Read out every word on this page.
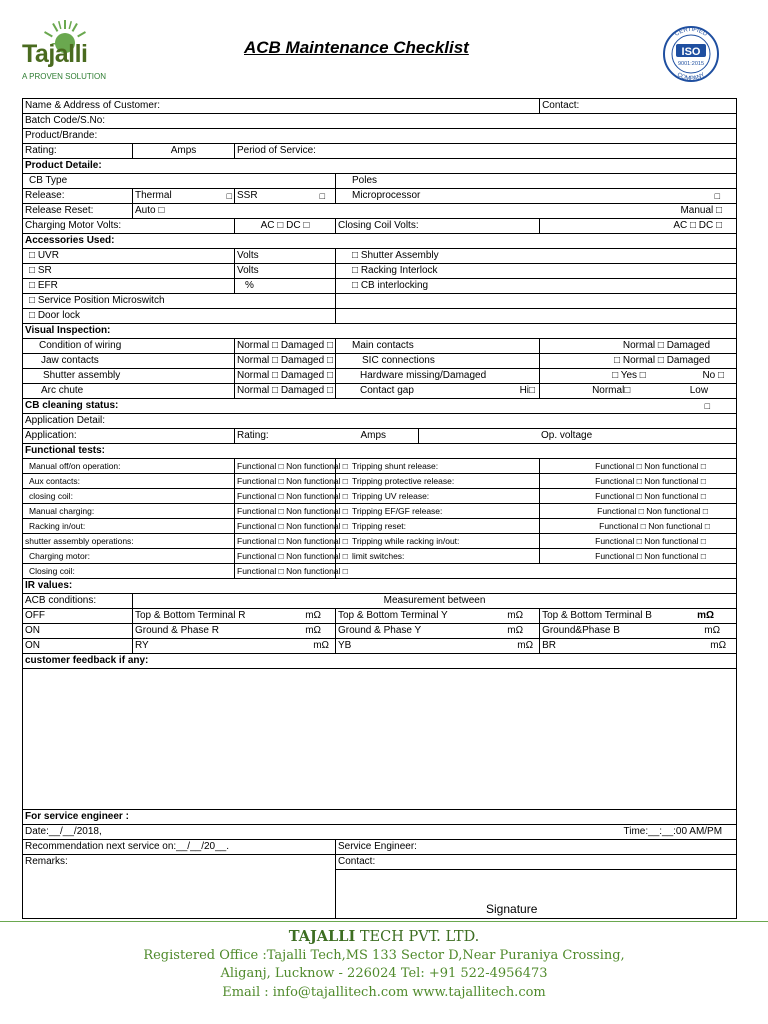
Tajalli
A PROVEN SOLUTION
ACB Maintenance Checklist
CERTIFIED
COMPANY
ISO
9001:2015
Name & Address of Customer:					Contact:
Batch Code/S.No:					
Product/Brande:					
Rating:	Amps	Period of Service:			
Product Detaile:					
CB Type			Poles		
Release:	Thermal □	SSR □	Microprocessor □		

Release Reset:	Auto □ Manual □				

Charging Motor Volts:		AC □ DC □	Closing Coil Volts:		AC □ DC □
Accessories Used:					
□ UVR		Volts	□ Shutter Assembly		
□ SR		Volts	□ Racking Interlock		
□ EFR		%	□ CB interlocking		
□ Service Position Microswitch					
□ Door lock					
Visual Inspection:					
Condition of wiring		Normal □ Damaged □	Main contacts		Normal □ Damaged
Jaw contacts		Normal □ Damaged □	SIC connections		□ Normal □ Damaged
Shutter assembly		Normal □ Damaged □	Hardware missing/Damaged		□ Yes □ No □

Arc chute		Normal □ Damaged □	Contact gap Hi□		Normal□ Low

CB cleaning status: □					

Application Detail:					
Application:		Rating: Amps		Op. voltage	
Functional tests:					
Manual off/on operation:		Functional □ Non functional □	Tripping shunt release:		Functional □ Non functional □
Aux contacts:		Functional □ Non functional □	Tripping protective release:		Functional □ Non functional □
closing coil:		Functional □ Non functional □	Tripping UV release:		Functional □ Non functional □
Manual charging:		Functional □ Non functional □	Tripping EF/GF release:		Functional □ Non functional □
Racking in/out:		Functional □ Non functional □	Tripping reset:		Functional □ Non functional □
shutter assembly operations:		Functional □ Non functional □	Tripping while racking in/out:		Functional □ Non functional □
Charging motor:		Functional □ Non functional □	limit switches:		Functional □ Non functional □
Closing coil:		Functional □ Non functional □			
IR values:					
ACB conditions:	Measurement between				
OFF	Top & Bottom Terminal R mΩ		Top & Bottom Terminal Y mΩ		Top & Bottom Terminal B mΩ

ON	Ground & Phase R mΩ		Ground & Phase Y mΩ		Ground&Phase B mΩ

ON	RY mΩ		YB mΩ		BR mΩ

customer feedback if any:					

For service engineer :					
Date:__/__/2018, Time:__:__:00 AM/PM					

Recommendation next service on:__/__/20__.			Service Engineer:		
Remarks:			Contact:		

			Signature		
TAJALLI TECH PVT. LTD.
Registered Office :Tajalli Tech,MS 133 Sector D,Near Puraniya Crossing,
Aliganj, Lucknow - 226024 Tel: +91 522-4956473
Email : info@tajallitech.com www.tajallitech.com
